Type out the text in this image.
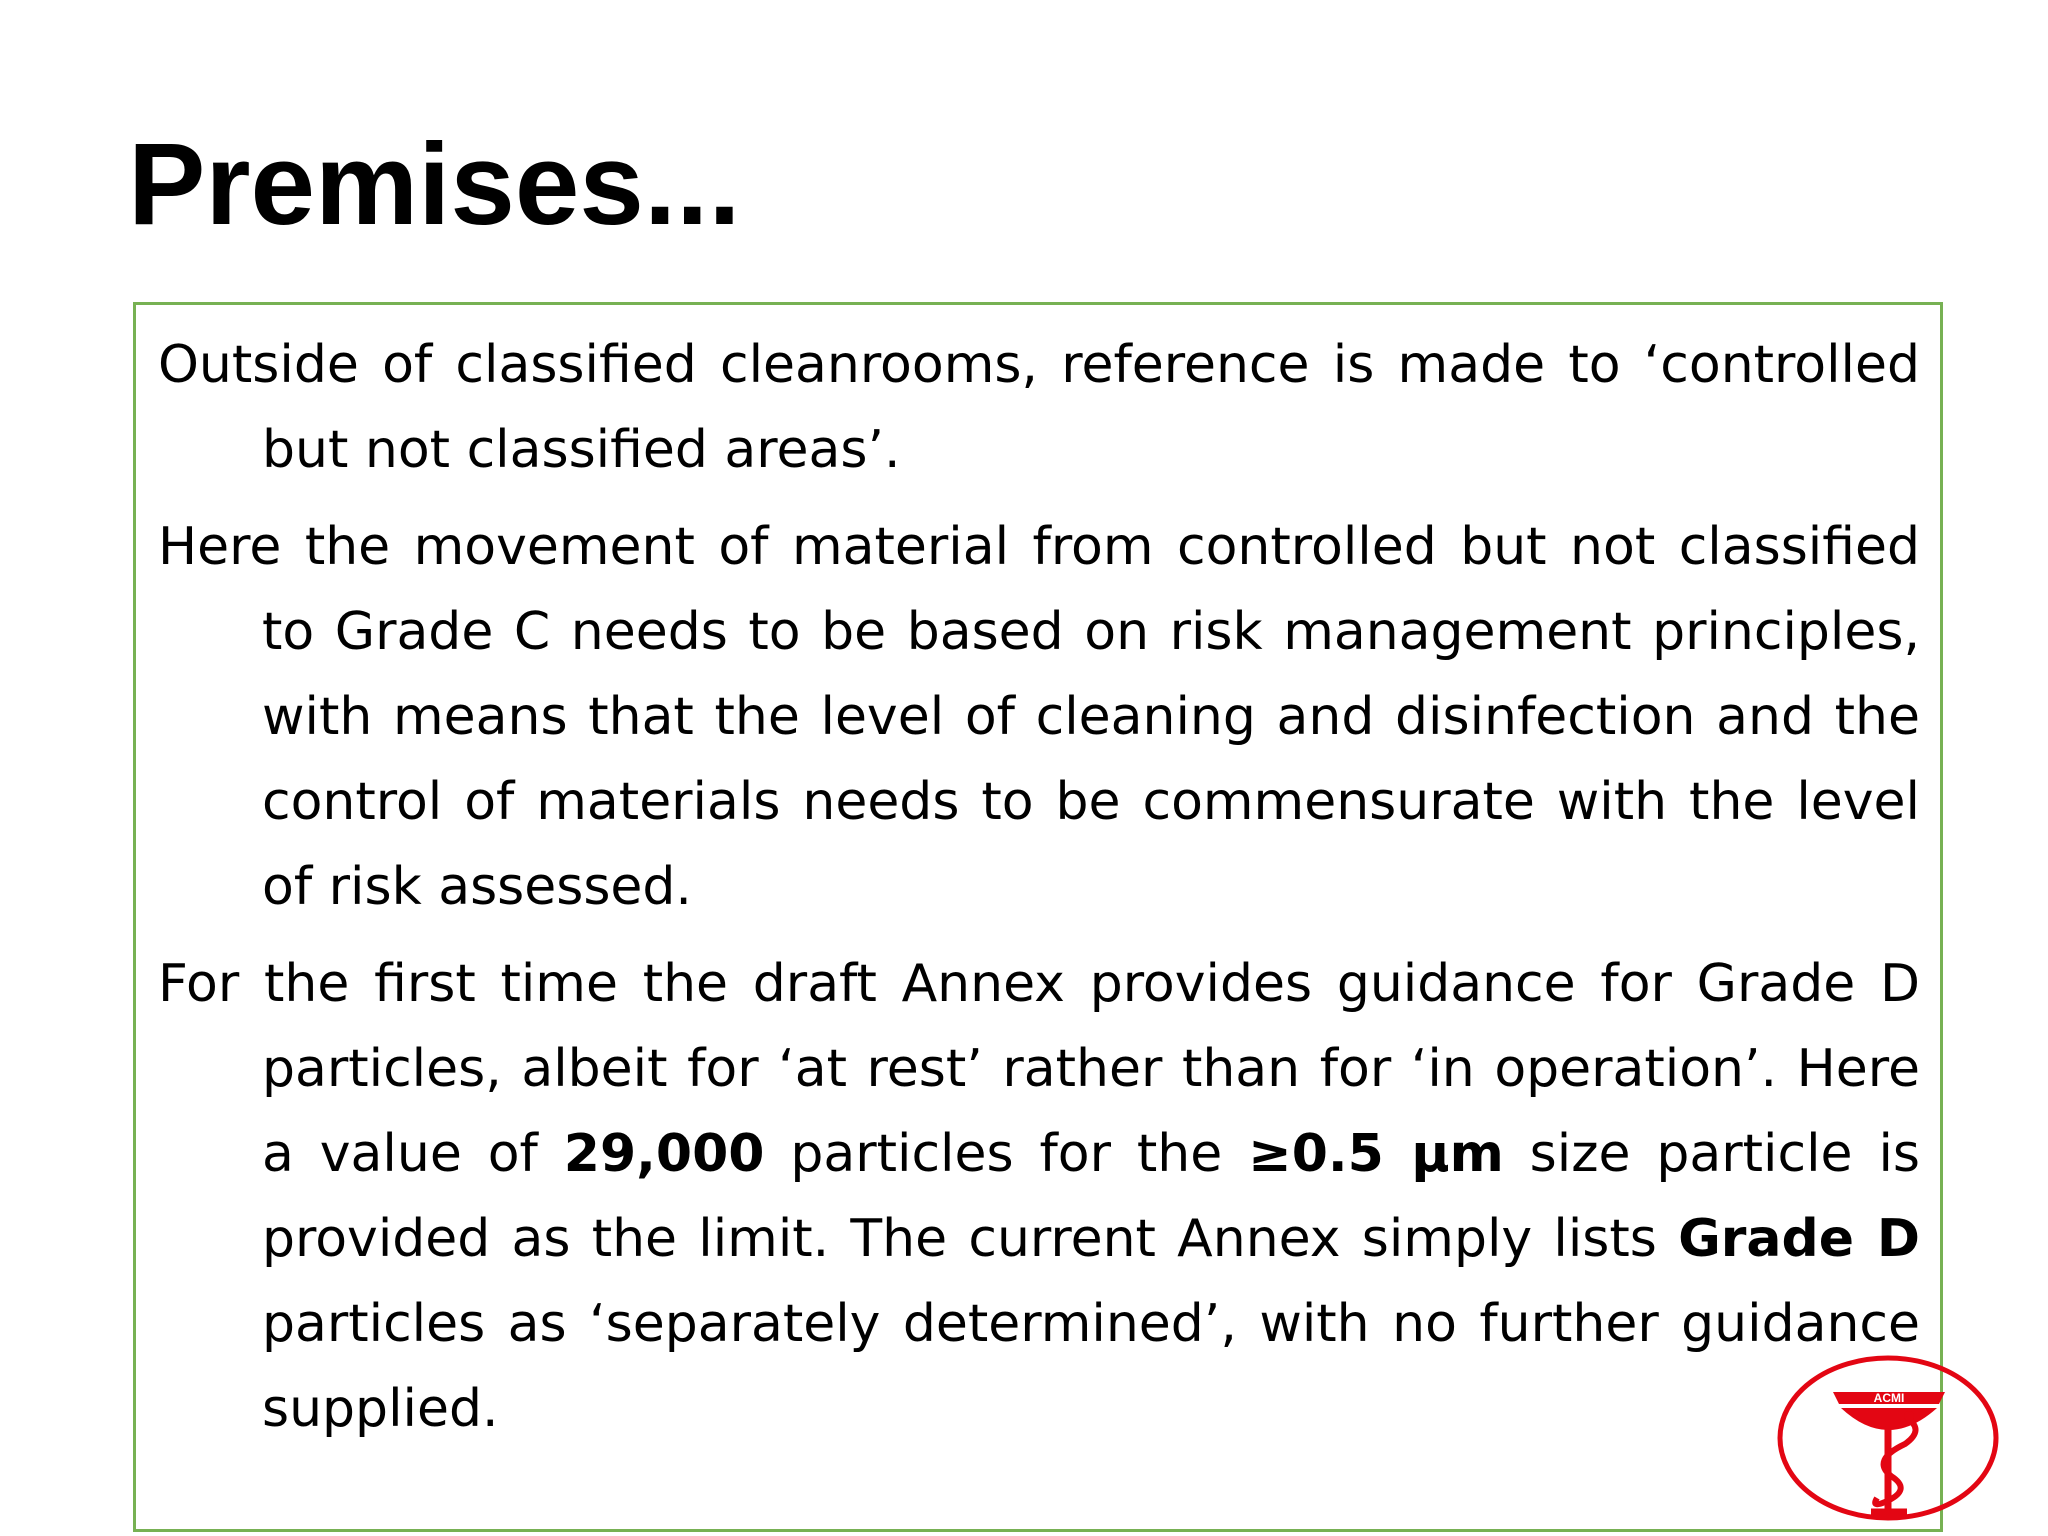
Premises...

Outside of classified cleanrooms, reference is made to ‘controlled but not classified areas’.

Here the movement of material from controlled but not classified to Grade C needs to be based on risk management principles, with means that the level of cleaning and disinfection and the control of materials needs to be commensurate with the level of risk assessed.

For the first time the draft Annex provides guidance for Grade D particles, albeit for ‘at rest’ rather than for ‘in operation’. Here a value of 29,000 particles for the ≥0.5 µm size particle is provided as the limit. The current Annex simply lists Grade D particles as ‘separately determined’, with no further guidance supplied.	ACMI
